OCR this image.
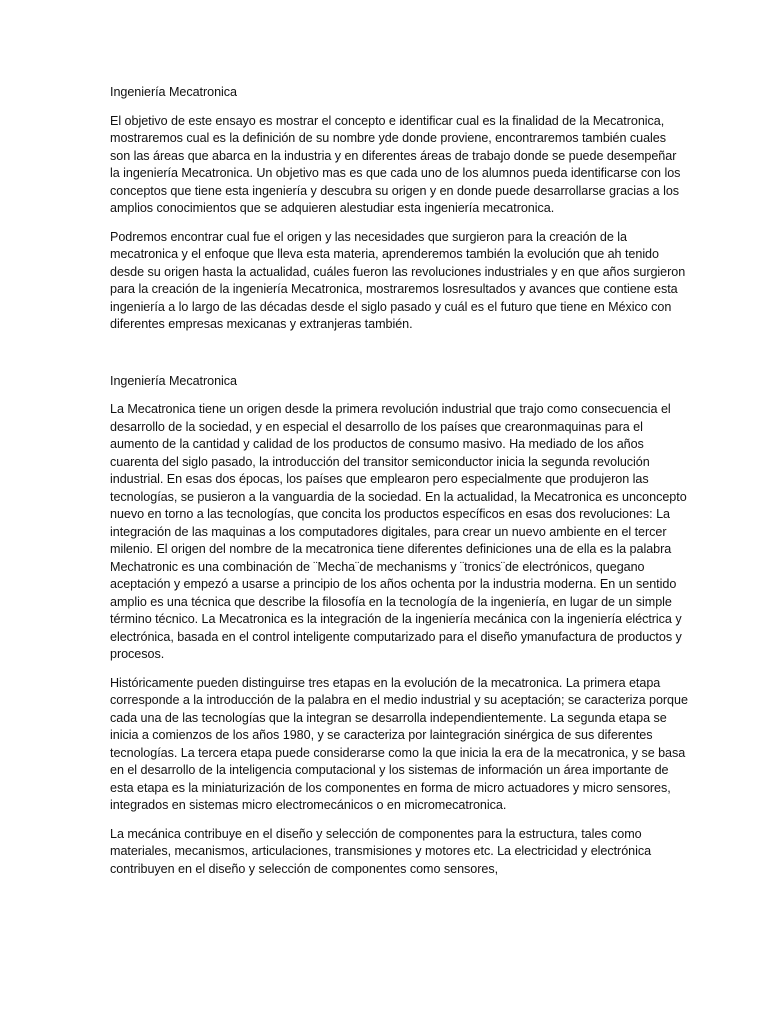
Ingeniería Mecatronica

El objetivo de este ensayo es mostrar el concepto e identificar cual es la finalidad de la Mecatronica, mostraremos cual es la definición de su nombre yde donde proviene, encontraremos también cuales son las áreas que abarca en la industria y en diferentes áreas de trabajo donde se puede desempeñar la ingeniería Mecatronica. Un objetivo mas es que cada uno de los alumnos pueda identificarse con los conceptos que tiene esta ingeniería y descubra su origen y en donde puede desarrollarse gracias a los amplios conocimientos que se adquieren alestudiar esta ingeniería mecatronica.

Podremos encontrar cual fue el origen y las necesidades que surgieron para la creación de la mecatronica y el enfoque que lleva esta materia, aprenderemos también la evolución que ah tenido desde su origen hasta la actualidad, cuáles fueron las revoluciones industriales y en que años surgieron para la creación de la ingeniería Mecatronica, mostraremos losresultados y avances que contiene esta ingeniería a lo largo de las décadas desde el siglo pasado y cuál es el futuro que tiene en México con diferentes empresas mexicanas y extranjeras también.

Ingeniería Mecatronica

La Mecatronica tiene un origen desde la primera revolución industrial que trajo como consecuencia el desarrollo de la sociedad, y en especial el desarrollo de los países que crearonmaquinas para el aumento de la cantidad y calidad de los productos de consumo masivo. Ha mediado de los años cuarenta del siglo pasado, la introducción del transitor semiconductor inicia la segunda revolución industrial. En esas dos épocas, los países que emplearon pero especialmente que produjeron las tecnologías, se pusieron a la vanguardia de la sociedad. En la actualidad, la Mecatronica es unconcepto nuevo en torno a las tecnologías, que concita los productos específicos en esas dos revoluciones: La integración de las maquinas a los computadores digitales, para crear un nuevo ambiente en el tercer milenio. El origen del nombre de la mecatronica tiene diferentes definiciones una de ella es la palabra Mechatronic es una combinación de ¨Mecha¨de mechanisms y ¨tronics¨de electrónicos, quegano aceptación y empezó a usarse a principio de los años ochenta por la industria moderna. En un sentido amplio es una técnica que describe la filosofía en la tecnología de la ingeniería, en lugar de un simple término técnico. La Mecatronica es la integración de la ingeniería mecánica con la ingeniería eléctrica y electrónica, basada en el control inteligente computarizado para el diseño ymanufactura de productos y procesos.

Históricamente pueden distinguirse tres etapas en la evolución de la mecatronica. La primera etapa corresponde a la introducción de la palabra en el medio industrial y su aceptación; se caracteriza porque cada una de las tecnologías que la integran se desarrolla independientemente. La segunda etapa se inicia a comienzos de los años 1980, y se caracteriza por laintegración sinérgica de sus diferentes tecnologías. La tercera etapa puede considerarse como la que inicia la era de la mecatronica, y se basa en el desarrollo de la inteligencia computacional y los sistemas de información un área importante de esta etapa es la miniaturización de los componentes en forma de micro actuadores y micro sensores, integrados en sistemas micro electromecánicos o en micromecatronica.

La mecánica contribuye en el diseño y selección de componentes para la estructura, tales como materiales, mecanismos, articulaciones, transmisiones y motores etc. La electricidad y electrónica contribuyen en el diseño y selección de componentes como sensores,
